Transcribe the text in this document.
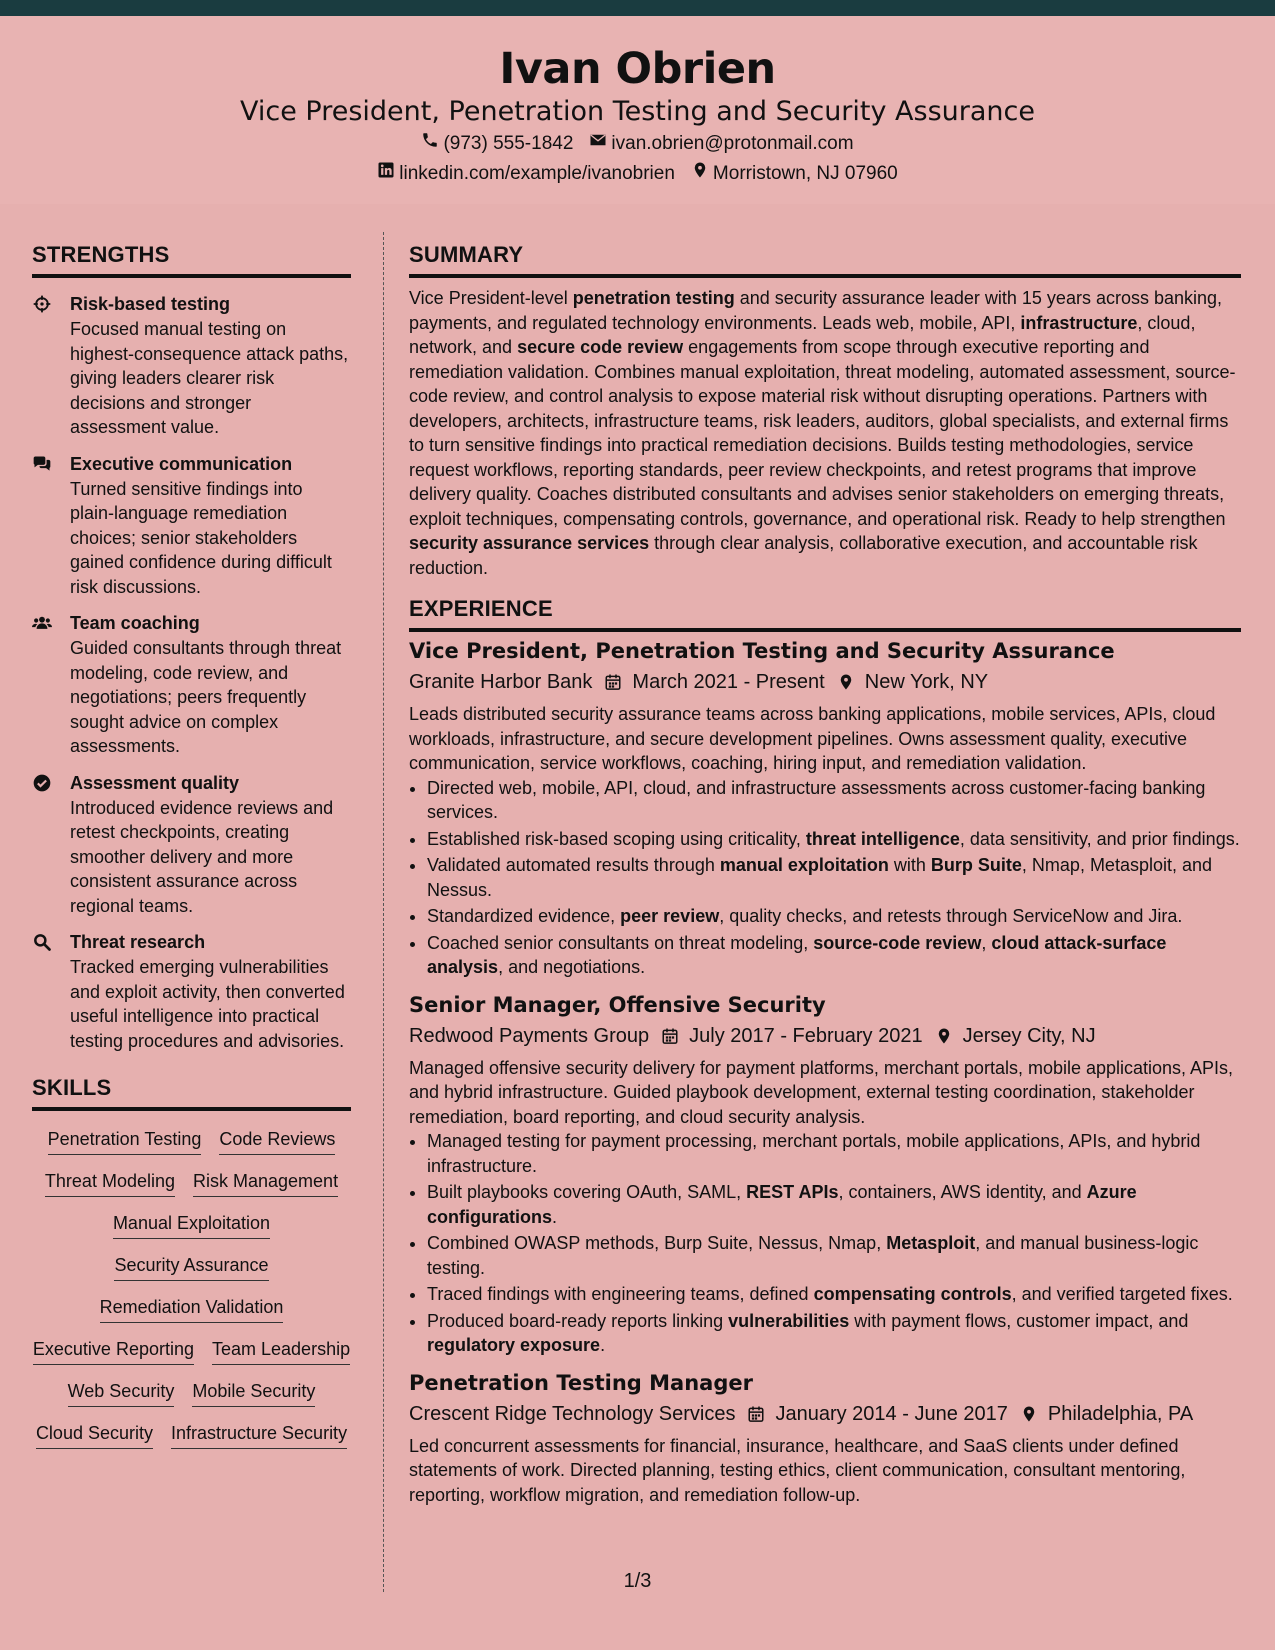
Ivan Obrien
Vice President, Penetration Testing and Security Assurance
(973) 555-1842 ivan.obrien@protonmail.com
linkedin.com/example/ivanobrien Morristown, NJ 07960
STRENGTHS
Risk-based testing
Focused manual testing on highest-consequence attack paths, giving leaders clearer risk decisions and stronger assessment value.
Executive communication
Turned sensitive findings into plain-language remediation choices; senior stakeholders gained confidence during difficult risk discussions.
Team coaching
Guided consultants through threat modeling, code review, and negotiations; peers frequently sought advice on complex assessments.
Assessment quality
Introduced evidence reviews and retest checkpoints, creating smoother delivery and more consistent assurance across regional teams.
Threat research
Tracked emerging vulnerabilities and exploit activity, then converted useful intelligence into practical testing procedures and advisories.
SKILLS
Penetration Testing Code Reviews
Threat Modeling Risk Management
Manual Exploitation
Security Assurance
Remediation Validation
Executive Reporting Team Leadership
Web Security Mobile Security
Cloud Security Infrastructure Security
SUMMARY

Vice President-level penetration testing and security assurance leader with 15 years across banking, payments, and regulated technology environments. Leads web, mobile, API, infrastructure, cloud, network, and secure code review engagements from scope through executive reporting and remediation validation. Combines manual exploitation, threat modeling, automated assessment, source-code review, and control analysis to expose material risk without disrupting operations. Partners with developers, architects, infrastructure teams, risk leaders, auditors, global specialists, and external firms to turn sensitive findings into practical remediation decisions. Builds testing methodologies, service request workflows, reporting standards, peer review checkpoints, and retest programs that improve delivery quality. Coaches distributed consultants and advises senior stakeholders on emerging threats, exploit techniques, compensating controls, governance, and operational risk. Ready to help strengthen security assurance services through clear analysis, collaborative execution, and accountable risk reduction.

EXPERIENCE
Vice President, Penetration Testing and Security Assurance
Granite Harbor Bank March 2021 - Present New York, NY

Leads distributed security assurance teams across banking applications, mobile services, APIs, cloud workloads, infrastructure, and secure development pipelines. Owns assessment quality, executive communication, service workflows, coaching, hiring input, and remediation validation.

• Directed web, mobile, API, cloud, and infrastructure assessments across customer-facing banking services.
• Established risk-based scoping using criticality, threat intelligence, data sensitivity, and prior findings.
• Validated automated results through manual exploitation with Burp Suite, Nmap, Metasploit, and Nessus.
• Standardized evidence, peer review, quality checks, and retests through ServiceNow and Jira.
• Coached senior consultants on threat modeling, source-code review, cloud attack-surface analysis, and negotiations.
Senior Manager, Offensive Security
Redwood Payments Group July 2017 - February 2021 Jersey City, NJ

Managed offensive security delivery for payment platforms, merchant portals, mobile applications, APIs, and hybrid infrastructure. Guided playbook development, external testing coordination, stakeholder remediation, board reporting, and cloud security analysis.

• Managed testing for payment processing, merchant portals, mobile applications, APIs, and hybrid infrastructure.
• Built playbooks covering OAuth, SAML, REST APIs, containers, AWS identity, and Azure configurations.
• Combined OWASP methods, Burp Suite, Nessus, Nmap, Metasploit, and manual business-logic testing.
• Traced findings with engineering teams, defined compensating controls, and verified targeted fixes.
• Produced board-ready reports linking vulnerabilities with payment flows, customer impact, and regulatory exposure.
Penetration Testing Manager
Crescent Ridge Technology Services January 2014 - June 2017 Philadelphia, PA

Led concurrent assessments for financial, insurance, healthcare, and SaaS clients under defined statements of work. Directed planning, testing ethics, client communication, consultant mentoring, reporting, workflow migration, and remediation follow-up.

1/3
